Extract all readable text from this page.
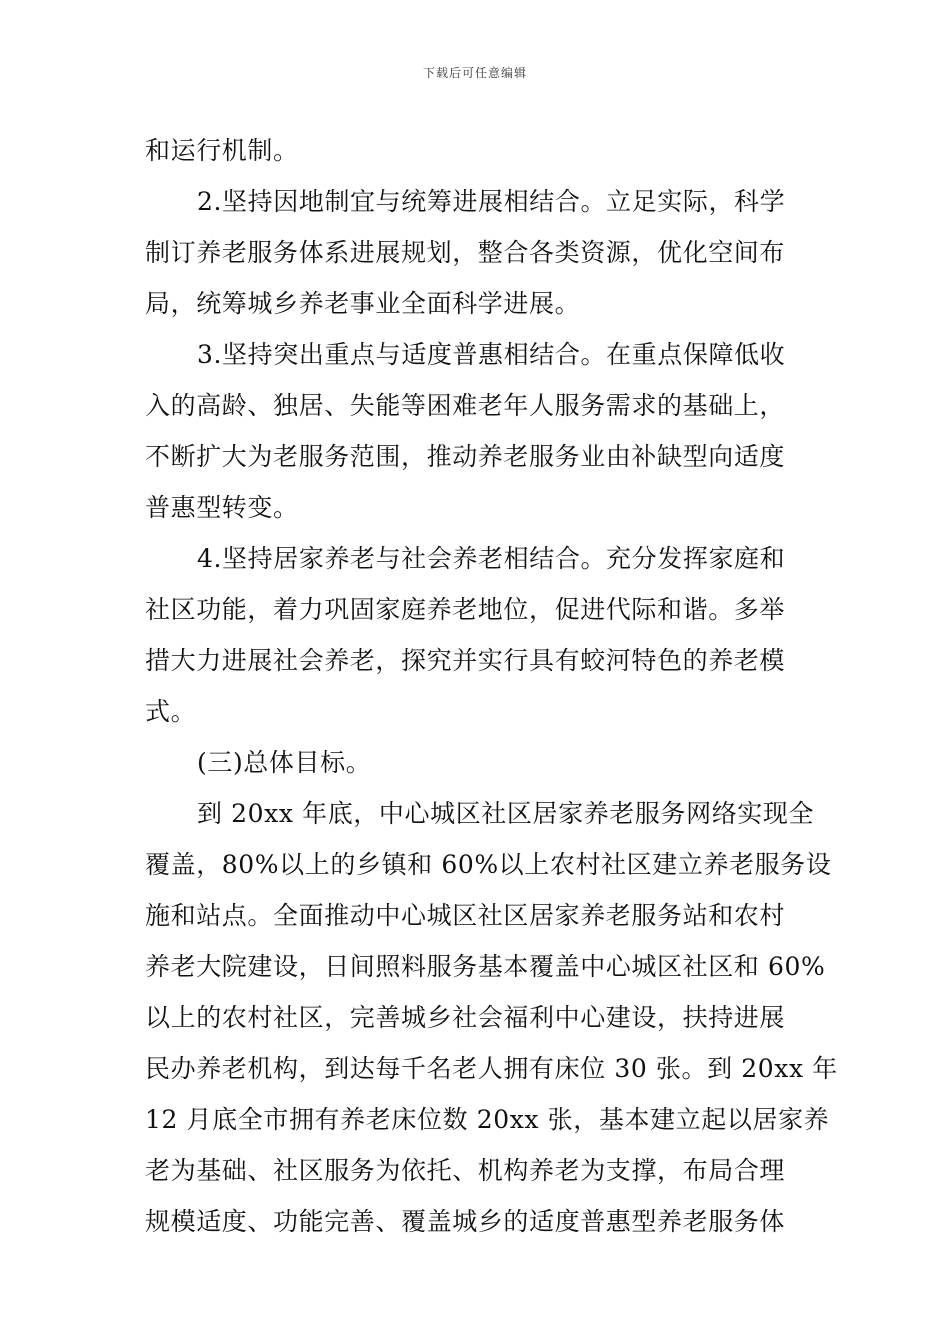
下载后可任意编辑
和运行机制。
2.坚持因地制宜与统筹进展相结合。立足实际，科学
制订养老服务体系进展规划，整合各类资源，优化空间布
局，统筹城乡养老事业全面科学进展。
3.坚持突出重点与适度普惠相结合。在重点保障低收
入的高龄、独居、失能等困难老年人服务需求的基础上，
不断扩大为老服务范围，推动养老服务业由补缺型向适度
普惠型转变。
4.坚持居家养老与社会养老相结合。充分发挥家庭和
社区功能，着力巩固家庭养老地位，促进代际和谐。多举
措大力进展社会养老，探究并实行具有蛟河特色的养老模
式。
(三)总体目标。
到 20xx 年底，中心城区社区居家养老服务网络实现全
覆盖，80%以上的乡镇和 60%以上农村社区建立养老服务设
施和站点。全面推动中心城区社区居家养老服务站和农村
养老大院建设，日间照料服务基本覆盖中心城区社区和 60%
以上的农村社区，完善城乡社会福利中心建设，扶持进展
民办养老机构，到达每千名老人拥有床位 30 张。到 20xx 年
12 月底全市拥有养老床位数 20xx 张，基本建立起以居家养
老为基础、社区服务为依托、机构养老为支撑，布局合理
规模适度、功能完善、覆盖城乡的适度普惠型养老服务体
